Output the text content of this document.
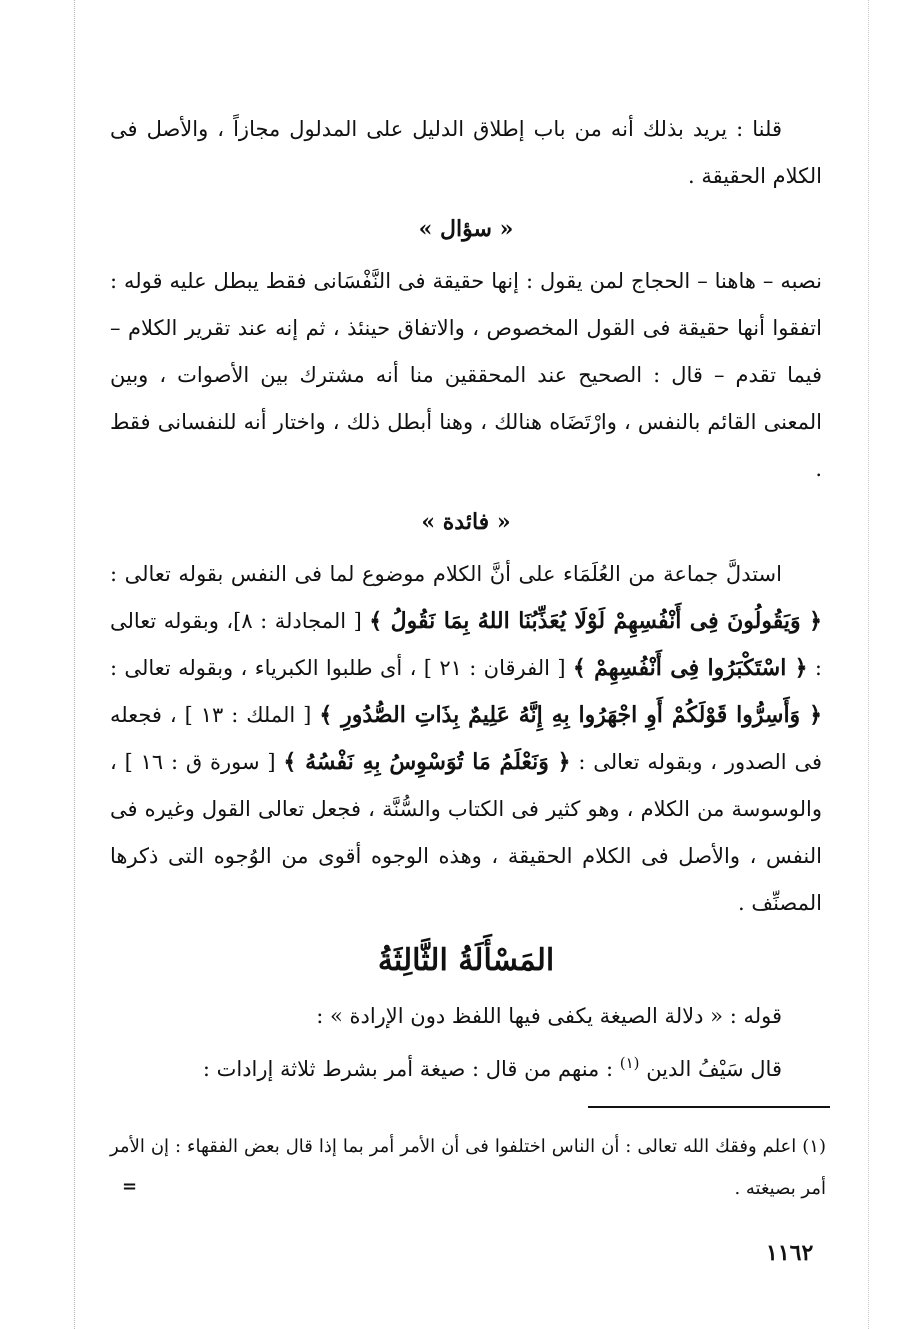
قلنا : يريد بذلك أنه من باب إطلاق الدليل على المدلول مجازاً ، والأصل فى الكلام الحقيقة .

« سؤال »

نصبه – هاهنا – الحجاج لمن يقول : إنها حقيقة فى النَّفْسَانى فقط يبطل عليه قوله : اتفقوا أنها حقيقة فى القول المخصوص ، والاتفاق حينئذ ، ثم إنه عند تقرير الكلام – فيما تقدم – قال : الصحيح عند المحققين منا أنه مشترك بين الأصوات ، وبين المعنى القائم بالنفس ، وارْتَضَاه هنالك ، وهنا أبطل ذلك ، واختار أنه للنفسانى فقط .

« فائدة »

استدلَّ جماعة من العُلَمَاء على أنَّ الكلام موضوع لما فى النفس بقوله تعالى : ﴿ وَيَقُولُونَ فِى أَنْفُسِهِمْ لَوْلَا يُعَذِّبُنَا اللهُ بِمَا نَقُولُ ﴾ [ المجادلة : ٨]، وبقوله تعالى : ﴿ اسْتَكْبَرُوا فِى أَنْفُسِهِمْ ﴾ [ الفرقان : ٢١ ] ، أى طلبوا الكبرياء ، وبقوله تعالى : ﴿ وَأَسِرُّوا قَوْلَكُمْ أَوِ اجْهَرُوا بِهِ إِنَّهُ عَلِيمٌ بِذَاتِ الصُّدُورِ ﴾ [ الملك : ١٣ ] ، فجعله فى الصدور ، وبقوله تعالى : ﴿ وَنَعْلَمُ مَا تُوَسْوِسُ بِهِ نَفْسُهُ ﴾ [ سورة ق : ١٦ ] ، والوسوسة من الكلام ، وهو كثير فى الكتاب والسُّنَّة ، فجعل تعالى القول وغيره فى النفس ، والأصل فى الكلام الحقيقة ، وهذه الوجوه أقوى من الوُجوه التى ذكرها المصنِّف .

المَسْأَلَةُ الثَّالِثَةُ

قوله : « دلالة الصيغة يكفى فيها اللفظ دون الإرادة » :

قال سَيْفُ الدين $^{(١)}$ : منهم من قال : صيغة أمر بشرط ثلاثة إرادات :

(١) اعلم وفقك الله تعالى : أن الناس اختلفوا فى أن الأمر أمر بما إذا قال بعض الفقهاء : إن الأمر أمر بصيغته .

=
١١٦٢
